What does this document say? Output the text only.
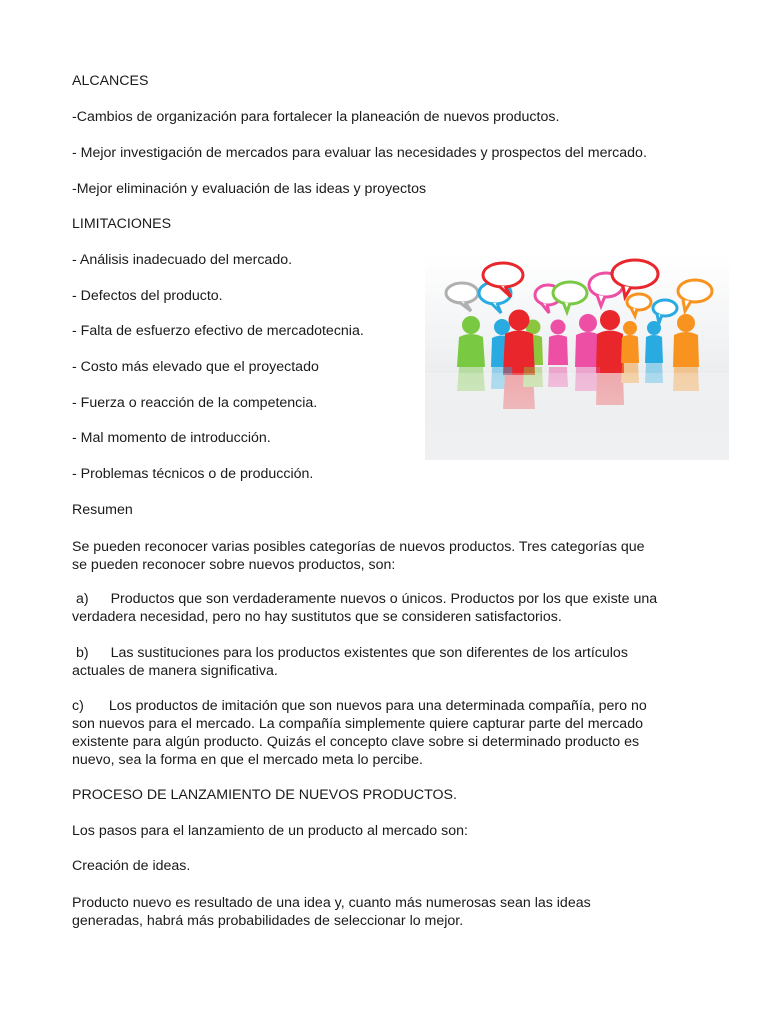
ALCANCES
-Cambios de organización para fortalecer la planeación de nuevos productos.
- Mejor investigación de mercados para evaluar las necesidades y prospectos del mercado.
-Mejor eliminación y evaluación de las ideas y proyectos
LIMITACIONES
- Análisis inadecuado del mercado.
- Defectos del producto.
- Falta de esfuerzo efectivo de mercadotecnia.
- Costo más elevado que el proyectado
- Fuerza o reacción de la competencia.
- Mal momento de introducción.
- Problemas técnicos o de producción.
Resumen
Se pueden reconocer varias posibles categorías de nuevos productos. Tres categorías que
se pueden reconocer sobre nuevos productos, son:
a) Productos que son verdaderamente nuevos o únicos. Productos por los que existe una
verdadera necesidad, pero no hay sustitutos que se consideren satisfactorios.
b) Las sustituciones para los productos existentes que son diferentes de los artículos
actuales de manera significativa.
c) Los productos de imitación que son nuevos para una determinada compañía, pero no
son nuevos para el mercado. La compañía simplemente quiere capturar parte del mercado
existente para algún producto. Quizás el concepto clave sobre si determinado producto es
nuevo, sea la forma en que el mercado meta lo percibe.
PROCESO DE LANZAMIENTO DE NUEVOS PRODUCTOS.
Los pasos para el lanzamiento de un producto al mercado son:
Creación de ideas.
Producto nuevo es resultado de una idea y, cuanto más numerosas sean las ideas
generadas, habrá más probabilidades de seleccionar lo mejor.
